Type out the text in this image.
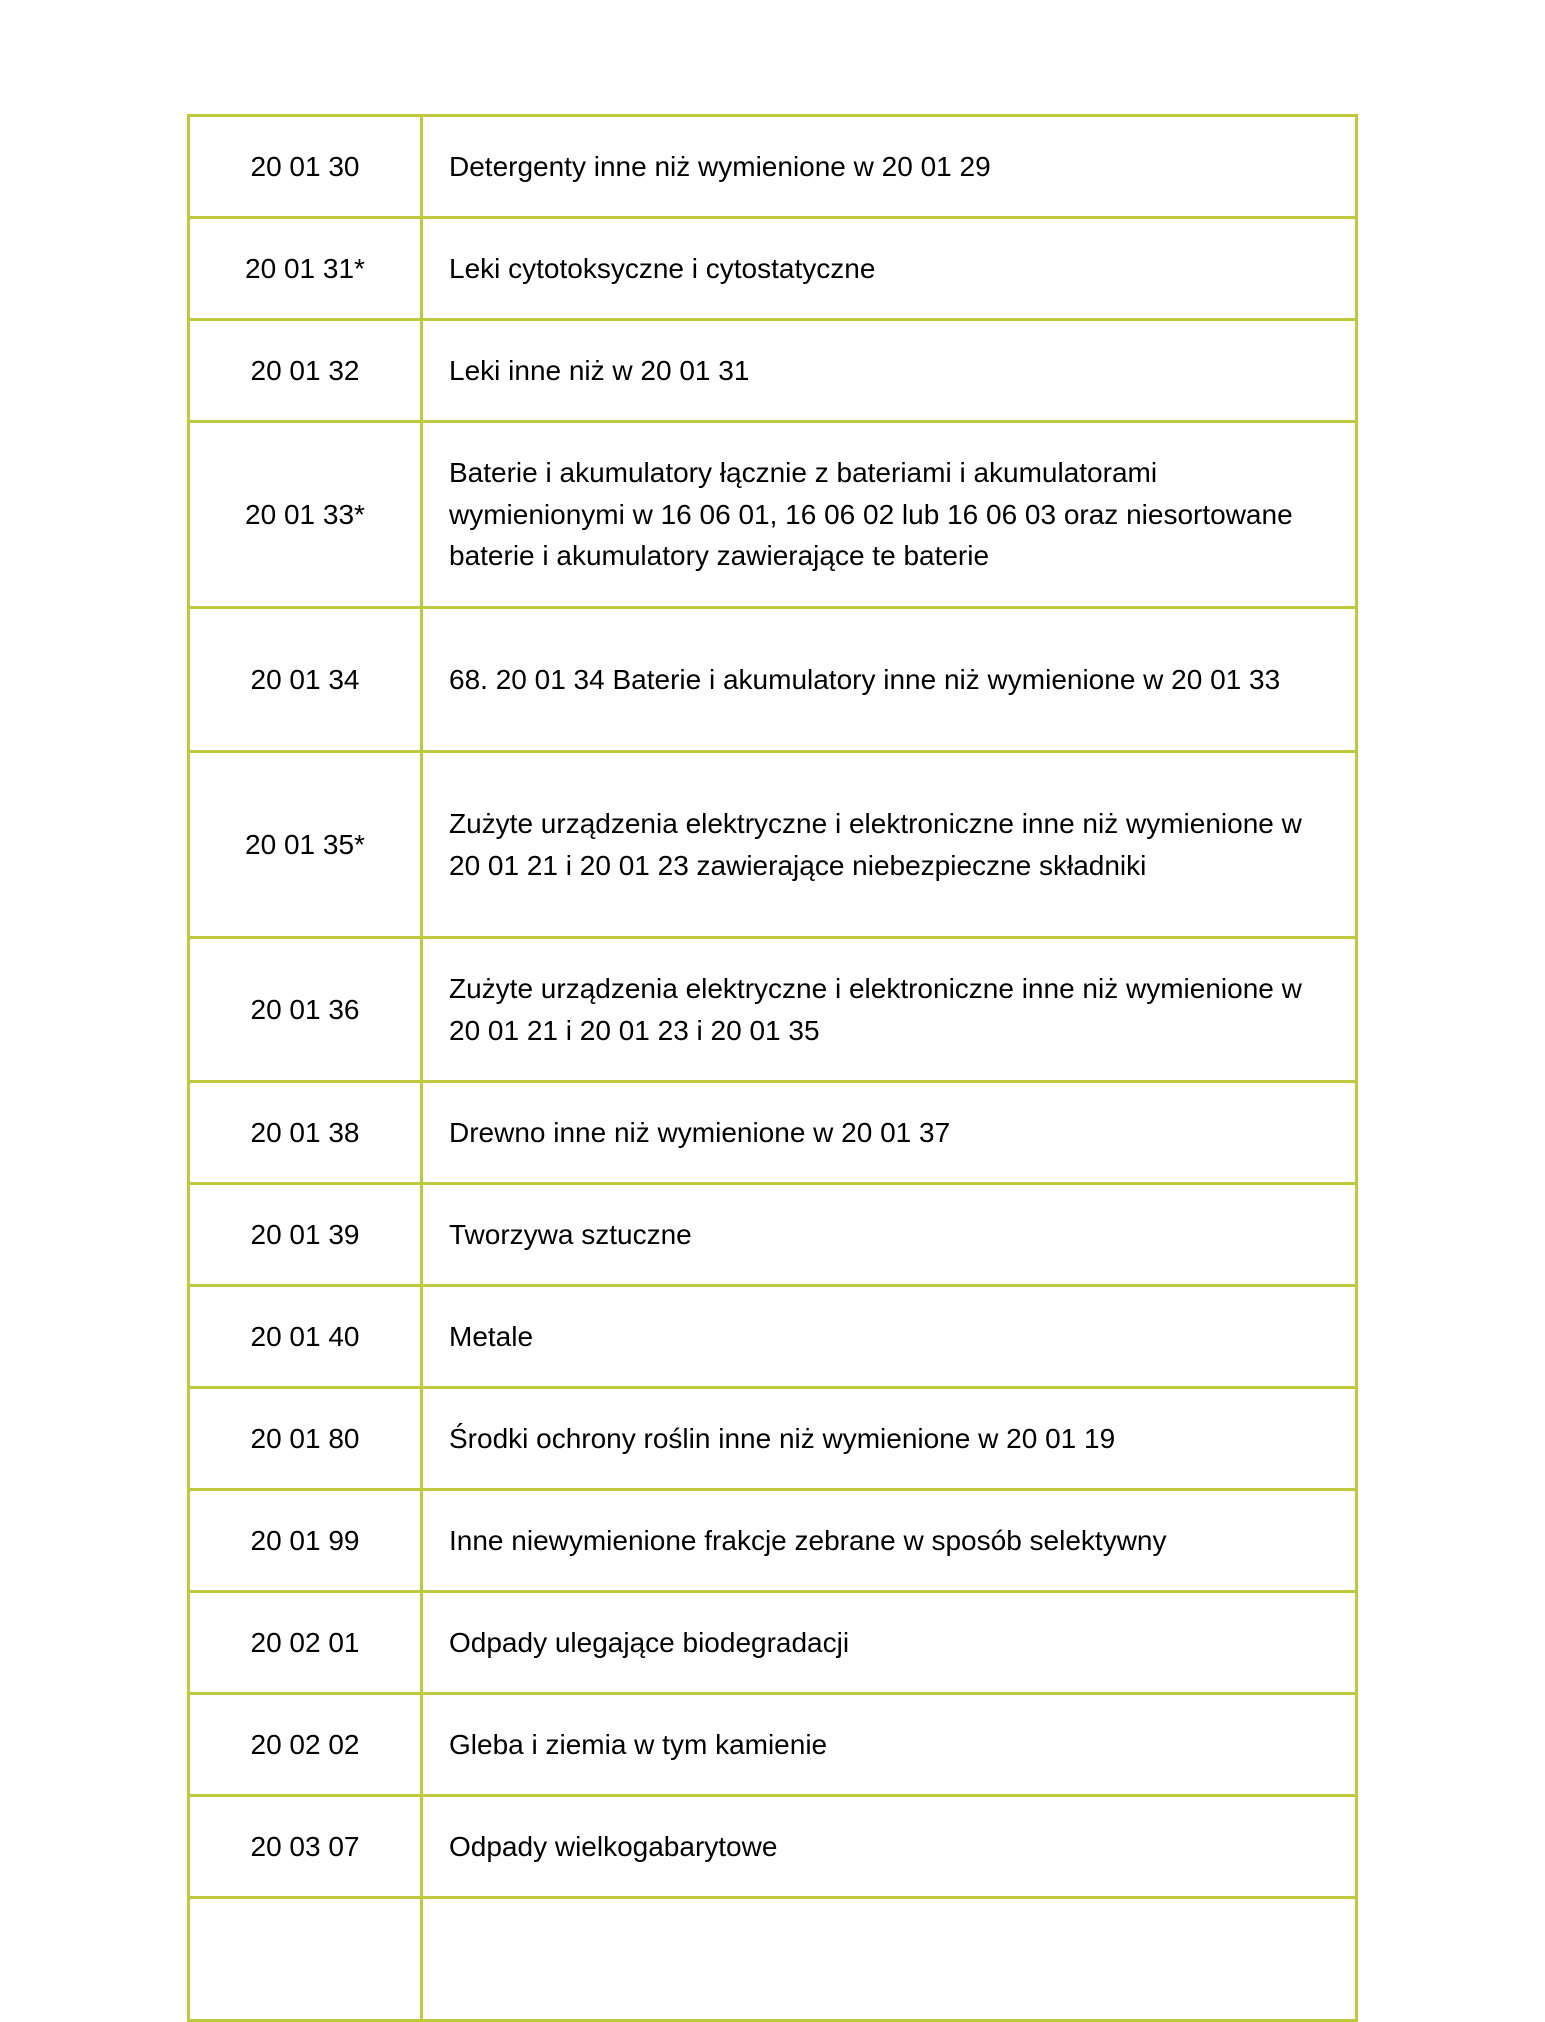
20 01 30	Detergenty inne niż wymienione w 20 01 29
20 01 31*	Leki cytotoksyczne i cytostatyczne
20 01 32	Leki inne niż w 20 01 31
20 01 33*	Baterie i akumulatory łącznie z bateriami i akumulatorami wymienionymi w 16 06 01, 16 06 02 lub 16 06 03 oraz niesortowane baterie i akumulatory zawierające te baterie
20 01 34	68. 20 01 34 Baterie i akumulatory inne niż wymienione w 20 01 33
20 01 35*	Zużyte urządzenia elektryczne i elektroniczne inne niż wymienione w 20 01 21 i 20 01 23 zawierające niebezpieczne składniki
20 01 36	Zużyte urządzenia elektryczne i elektroniczne inne niż wymienione w 20 01 21 i 20 01 23 i 20 01 35
20 01 38	Drewno inne niż wymienione w 20 01 37
20 01 39	Tworzywa sztuczne
20 01 40	Metale
20 01 80	Środki ochrony roślin inne niż wymienione w 20 01 19
20 01 99	Inne niewymienione frakcje zebrane w sposób selektywny
20 02 01	Odpady ulegające biodegradacji
20 02 02	Gleba i ziemia w tym kamienie
20 03 07	Odpady wielkogabarytowe
